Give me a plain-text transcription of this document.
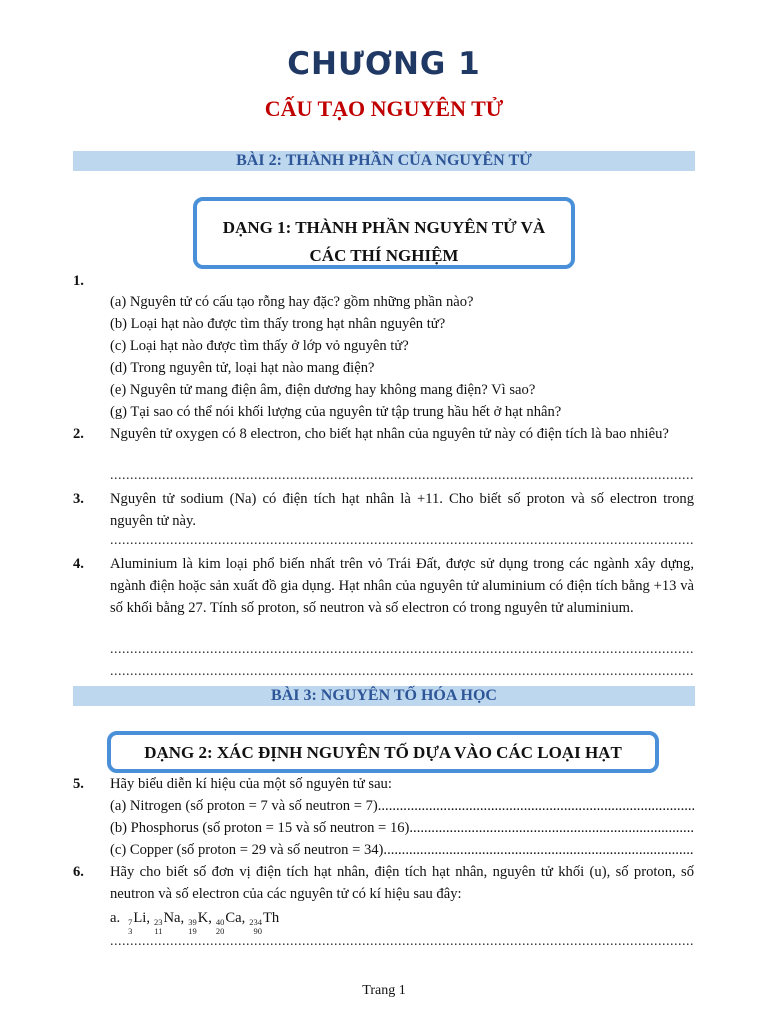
CHƯƠNG 1
CẤU TẠO NGUYÊN TỬ
BÀI 2: THÀNH PHẦN CỦA NGUYÊN TỬ
DẠNG 1: THÀNH PHẦN NGUYÊN TỬ VÀ
CÁC THÍ NGHIỆM
1.
(a) Nguyên tử có cấu tạo rỗng hay đặc? gồm những phần nào?
(b) Loại hạt nào được tìm thấy trong hạt nhân nguyên tử?
(c) Loại hạt nào được tìm thấy ở lớp vỏ nguyên tử?
(d) Trong nguyên tử, loại hạt nào mang điện?
(e) Nguyên tử mang điện âm, điện dương hay không mang điện? Vì sao?
(g) Tại sao có thể nói khối lượng của nguyên tử tập trung hầu hết ở hạt nhân?
2. Nguyên tử oxygen có 8 electron, cho biết hạt nhân của nguyên tử này có điện tích là bao nhiêu?
.....
3. Nguyên tử sodium (Na) có điện tích hạt nhân là +11. Cho biết số proton và số electron trong nguyên tử này.
.....
4. Aluminium là kim loại phổ biến nhất trên vỏ Trái Đất, được sử dụng trong các ngành xây dựng, ngành điện hoặc sản xuất đồ gia dụng. Hạt nhân của nguyên tử aluminium có điện tích bằng +13 và số khối bằng 27. Tính số proton, số neutron và số electron có trong nguyên tử aluminium.
.....
.....
BÀI 3: NGUYÊN TỐ HÓA HỌC
DẠNG 2: XÁC ĐỊNH NGUYÊN TỐ DỰA VÀO CÁC LOẠI HẠT
5. Hãy biểu diễn kí hiệu của một số nguyên tử sau:
(a) Nitrogen (số proton = 7 và số neutron = 7)
.....
(b) Phosphorus (số proton = 15 và số neutron = 16)
.....
(c) Copper (số proton = 29 và số neutron = 34)
.....
6. Hãy cho biết số đơn vị điện tích hạt nhân, điện tích hạt nhân, nguyên tử khối (u), số proton, số neutron và số electron của các nguyên tử có kí hiệu sau đây:
a. 7
3
Li, 23
11
Na, 39
19
K, 40
20
Ca, 234
90
Th
.....
Trang 1
